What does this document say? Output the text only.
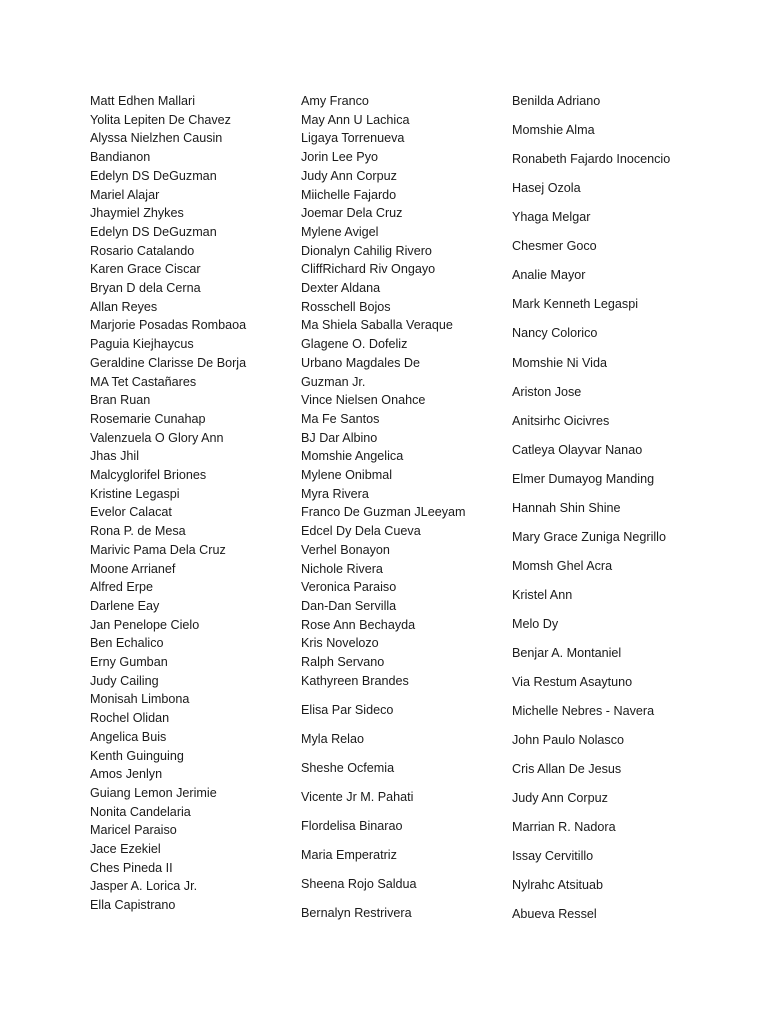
Matt Edhen Mallari
Yolita Lepiten De Chavez
Alyssa Nielzhen Causin
Bandianon
Edelyn DS DeGuzman
Mariel Alajar
Jhaymiel Zhykes
Edelyn DS DeGuzman
Rosario Catalando
Karen Grace Ciscar
Bryan D dela Cerna
Allan Reyes
Marjorie Posadas Rombaoa
Paguia Kiejhaycus
Geraldine Clarisse De Borja
MA Tet Castañares
Bran Ruan
Rosemarie Cunahap
Valenzuela O Glory Ann
Jhas Jhil
Malcyglorifel Briones
Kristine Legaspi
Evelor Calacat
Rona P. de Mesa
Marivic Pama Dela Cruz
Moone Arrianef
Alfred Erpe
Darlene Eay
Jan Penelope Cielo
Ben Echalico
Erny Gumban
Judy Cailing
Monisah Limbona
Rochel Olidan
Angelica Buis
Kenth Guinguing
Amos Jenlyn
Guiang Lemon Jerimie
Nonita Candelaria
Maricel Paraiso
Jace Ezekiel
Ches Pineda II
Jasper A. Lorica Jr.
Ella Capistrano
Amy Franco
May Ann U Lachica
Ligaya Torrenueva
Jorin Lee Pyo
Judy Ann Corpuz
Miichelle Fajardo
Joemar Dela Cruz
Mylene Avigel
Dionalyn Cahilig Rivero
CliffRichard Riv Ongayo
Dexter Aldana
Rosschell Bojos
Ma Shiela Saballa Veraque
Glagene O. Dofeliz
Urbano Magdales De
Guzman Jr.
Vince Nielsen Onahce
Ma Fe Santos
BJ Dar Albino
Momshie Angelica
Mylene Onibmal
Myra Rivera
Franco De Guzman JLeeyam
Edcel Dy Dela Cueva
Verhel Bonayon
Nichole Rivera
Veronica Paraiso
Dan-Dan Servilla
Rose Ann Bechayda
Kris Novelozo
Ralph Servano
Kathyreen Brandes
Elisa Par Sideco
Myla Relao
Sheshe Ocfemia
Vicente Jr M. Pahati
Flordelisa Binarao
Maria Emperatriz
Sheena Rojo Saldua
Bernalyn Restrivera
Benilda Adriano
Momshie Alma
Ronabeth Fajardo Inocencio
Hasej Ozola
Yhaga Melgar
Chesmer Goco
Analie Mayor
Mark Kenneth Legaspi
Nancy Colorico
Momshie Ni Vida
Ariston Jose
Anitsirhc Oicivres
Catleya Olayvar Nanao
Elmer Dumayog Manding
Hannah Shin Shine
Mary Grace Zuniga Negrillo
Momsh Ghel Acra
Kristel Ann
Melo Dy
Benjar A. Montaniel
Via Restum Asaytuno
Michelle Nebres - Navera
John Paulo Nolasco
Cris Allan De Jesus
Judy Ann Corpuz
Marrian R. Nadora
Issay Cervitillo
Nylrahc Atsituab
Abueva Ressel
